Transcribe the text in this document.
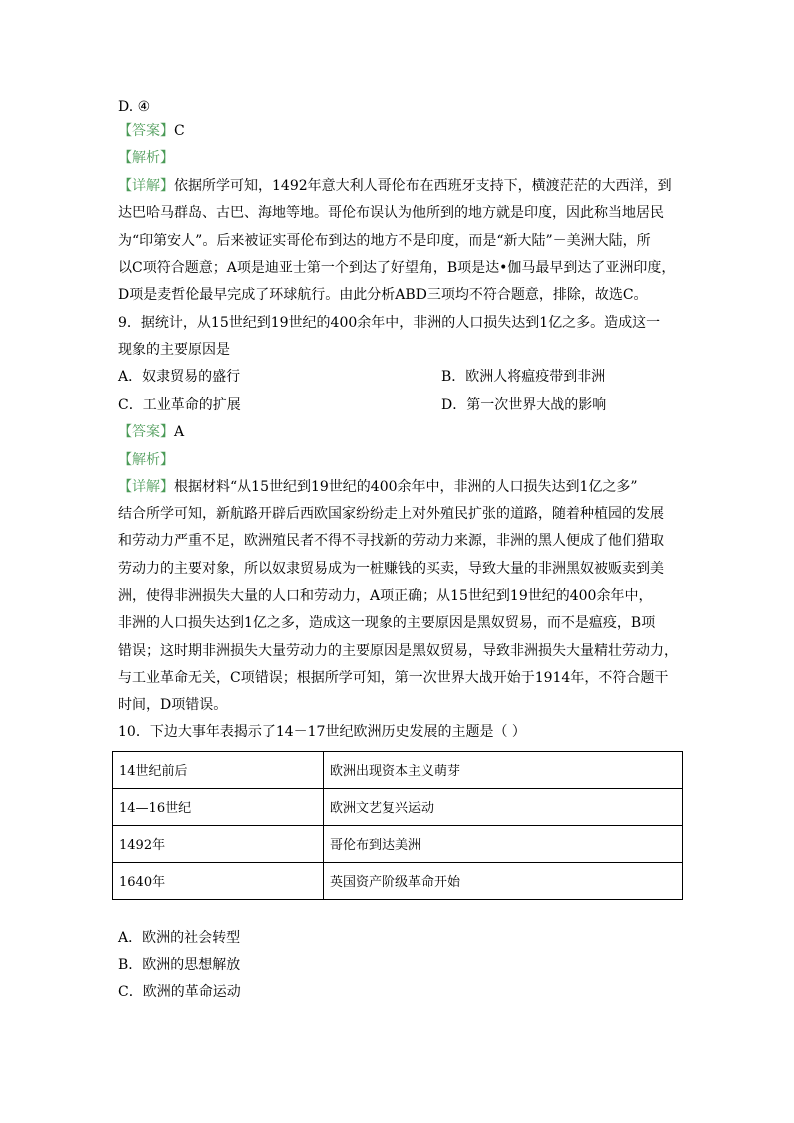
D. ④
【答案】C
【解析】
【详解】依据所学可知，1492年意大利人哥伦布在西班牙支持下，横渡茫茫的大西洋，到
达巴哈马群岛、古巴、海地等地。哥伦布误认为他所到的地方就是印度，因此称当地居民
为“印第安人”。后来被证实哥伦布到达的地方不是印度，而是“新大陆”－美洲大陆，所
以C项符合题意；A项是迪亚士第一个到达了好望角，B项是达•伽马最早到达了亚洲印度，
D项是麦哲伦最早完成了环球航行。由此分析ABD三项均不符合题意，排除，故选C。
9．据统计，从15世纪到19世纪的400余年中，非洲的人口损失达到1亿之多。造成这一
现象的主要原因是
A．奴隶贸易的盛行	B．欧洲人将瘟疫带到非洲
C．工业革命的扩展	D．第一次世界大战的影响
【答案】A
【解析】
【详解】根据材料“从15世纪到19世纪的400余年中，非洲的人口损失达到1亿之多”
结合所学可知，新航路开辟后西欧国家纷纷走上对外殖民扩张的道路，随着种植园的发展
和劳动力严重不足，欧洲殖民者不得不寻找新的劳动力来源，非洲的黑人便成了他们猎取
劳动力的主要对象，所以奴隶贸易成为一桩赚钱的买卖，导致大量的非洲黑奴被贩卖到美
洲，使得非洲损失大量的人口和劳动力，A项正确；从15世纪到19世纪的400余年中，
非洲的人口损失达到1亿之多，造成这一现象的主要原因是黑奴贸易，而不是瘟疫，B项
错误；这时期非洲损失大量劳动力的主要原因是黑奴贸易，导致非洲损失大量精壮劳动力，
与工业革命无关，C项错误；根据所学可知，第一次世界大战开始于1914年，不符合题干
时间，D项错误。
10．下边大事年表揭示了14－17世纪欧洲历史发展的主题是（ ）
14世纪前后	欧洲出现资本主义萌芽
14—16世纪	欧洲文艺复兴运动
1492年	哥伦布到达美洲
1640年	英国资产阶级革命开始
A．欧洲的社会转型
B．欧洲的思想解放
C．欧洲的革命运动
